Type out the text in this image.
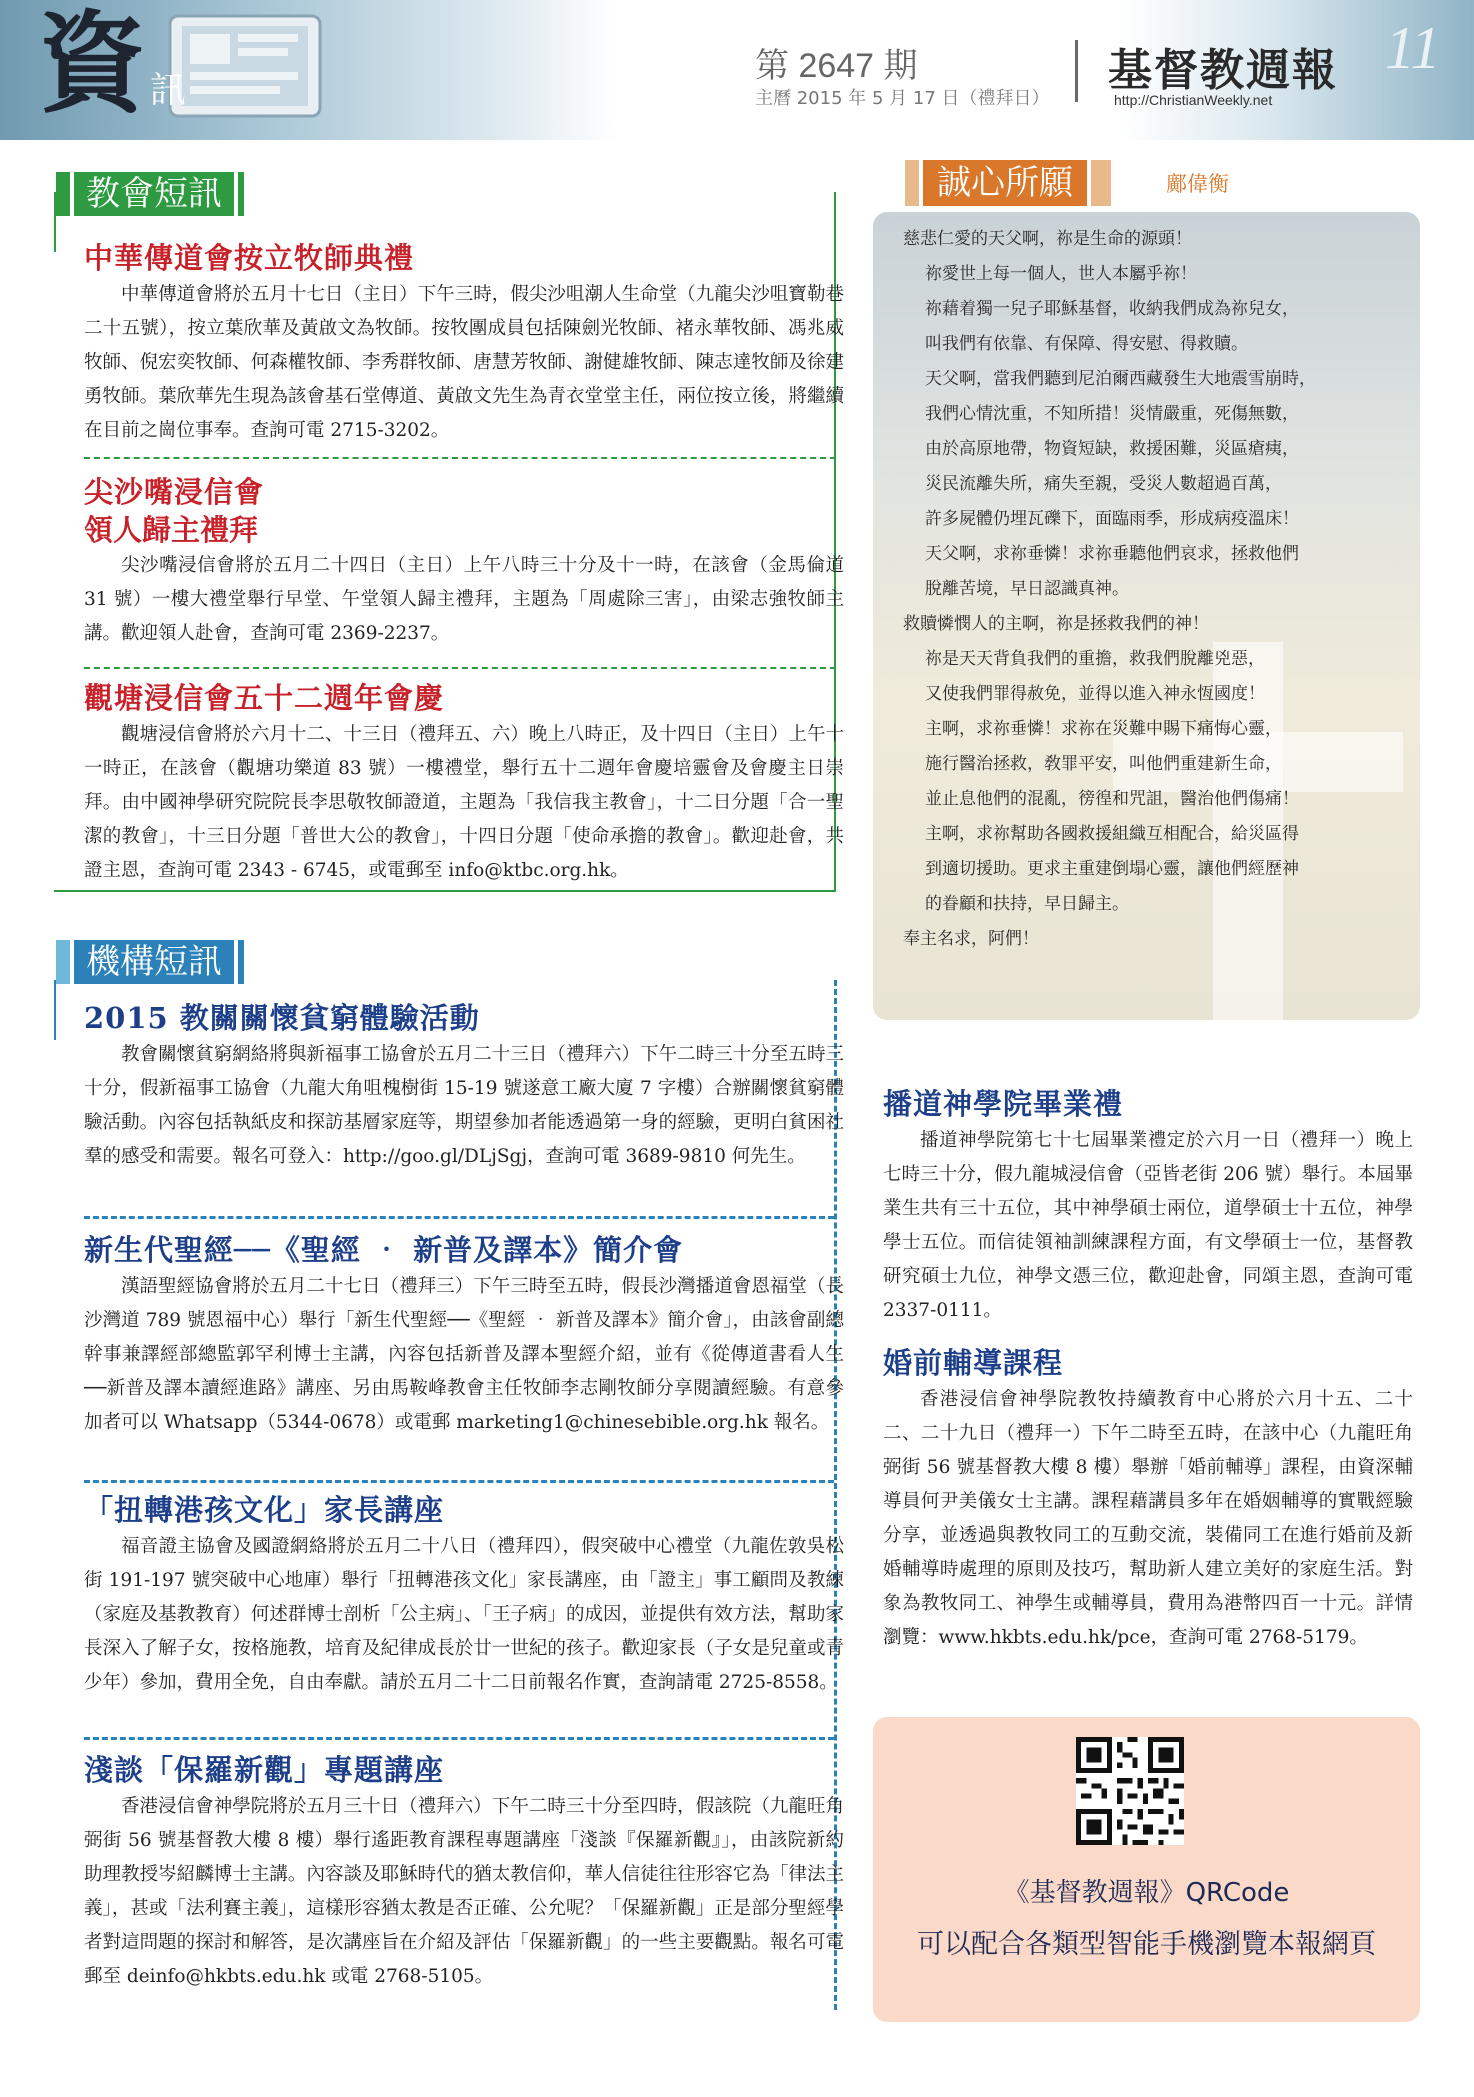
資 訊
第 2647 期
主曆 2015 年 5 月 17 日（禮拜日）
基督教週報
http://ChristianWeekly.net
11
教會短訊
中華傳道會按立牧師典禮

中華傳道會將於五月十七日（主日）下午三時，假尖沙咀潮人生命堂（九龍尖沙咀寶勒巷二十五號），按立葉欣華及黃啟文為牧師。按牧團成員包括陳劍光牧師、褚永華牧師、馮兆威牧師、倪宏奕牧師、何森權牧師、李秀群牧師、唐慧芳牧師、謝健雄牧師、陳志達牧師及徐建勇牧師。葉欣華先生現為該會基石堂傳道、黃啟文先生為青衣堂堂主任，兩位按立後，將繼續在目前之崗位事奉。查詢可電 2715-3202。

尖沙嘴浸信會
領人歸主禮拜

尖沙嘴浸信會將於五月二十四日（主日）上午八時三十分及十一時，在該會（金馬倫道 31 號）一樓大禮堂舉行早堂、午堂領人歸主禮拜，主題為「周處除三害」，由梁志強牧師主講。歡迎領人赴會，查詢可電 2369-2237。

觀塘浸信會五十二週年會慶

觀塘浸信會將於六月十二、十三日（禮拜五、六）晚上八時正，及十四日（主日）上午十一時正，在該會（觀塘功樂道 83 號）一樓禮堂，舉行五十二週年會慶培靈會及會慶主日崇拜。由中國神學研究院院長李思敬牧師證道，主題為「我信我主教會」，十二日分題「合一聖潔的教會」，十三日分題「普世大公的教會」，十四日分題「使命承擔的教會」。歡迎赴會，共證主恩，查詢可電 2343 - 6745，或電郵至 info@ktbc.org.hk。

機構短訊
2015 教關關懷貧窮體驗活動

教會關懷貧窮網絡將與新福事工協會於五月二十三日（禮拜六）下午二時三十分至五時三十分，假新福事工協會（九龍大角咀槐樹街 15-19 號遂意工廠大廈 7 字樓）合辦關懷貧窮體驗活動。內容包括執紙皮和探訪基層家庭等，期望參加者能透過第一身的經驗，更明白貧困社羣的感受和需要。報名可登入：http://goo.gl/DLjSgj，查詢可電 3689-9810 何先生。

新生代聖經──《聖經 ‧ 新普及譯本》簡介會

漢語聖經協會將於五月二十七日（禮拜三）下午三時至五時，假長沙灣播道會恩福堂（長沙灣道 789 號恩福中心）舉行「新生代聖經──《聖經 ‧ 新普及譯本》簡介會」，由該會副總幹事兼譯經部總監郭罕利博士主講，內容包括新普及譯本聖經介紹，並有《從傳道書看人生──新普及譯本讀經進路》講座、另由馬鞍峰教會主任牧師李志剛牧師分享閱讀經驗。有意參加者可以 Whatsapp（5344-0678）或電郵 marketing1@chinesebible.org.hk 報名。

「扭轉港孩文化」家長講座

福音證主協會及國證網絡將於五月二十八日（禮拜四），假突破中心禮堂（九龍佐敦吳松街 191-197 號突破中心地庫）舉行「扭轉港孩文化」家長講座，由「證主」事工顧問及教練（家庭及基教教育）何述群博士剖析「公主病」、「王子病」的成因，並提供有效方法，幫助家長深入了解子女，按格施教，培育及紀律成長於廿一世紀的孩子。歡迎家長（子女是兒童或青少年）參加，費用全免，自由奉獻。請於五月二十二日前報名作實，查詢請電 2725-8558。

淺談「保羅新觀」專題講座

香港浸信會神學院將於五月三十日（禮拜六）下午二時三十分至四時，假該院（九龍旺角弼街 56 號基督教大樓 8 樓）舉行遙距教育課程專題講座「淺談『保羅新觀』」，由該院新約助理教授岑紹麟博士主講。內容談及耶穌時代的猶太教信仰，華人信徒往往形容它為「律法主義」，甚或「法利賽主義」，這樣形容猶太教是否正確、公允呢？「保羅新觀」正是部分聖經學者對這問題的探討和解答，是次講座旨在介紹及評估「保羅新觀」的一些主要觀點。報名可電郵至 deinfo@hkbts.edu.hk 或電 2768-5105。

誠心所願	鄺偉衡
慈悲仁愛的天父啊，祢是生命的源頭！
祢愛世上每一個人，世人本屬乎祢！
祢藉着獨一兒子耶穌基督，收納我們成為祢兒女，
叫我們有依靠、有保障、得安慰、得救贖。
天父啊，當我們聽到尼泊爾西藏發生大地震雪崩時，
我們心情沈重，不知所措！災情嚴重，死傷無數，
由於高原地帶，物資短缺，救援困難，災區瘡痍，
災民流離失所，痛失至親，受災人數超過百萬，
許多屍體仍埋瓦礫下，面臨雨季，形成病疫溫床！
天父啊，求祢垂憐！求祢垂聽他們哀求，拯救他們
脫離苦境，早日認識真神。
救贖憐憫人的主啊，祢是拯救我們的神！
祢是天天背負我們的重擔，救我們脫離兇惡，
又使我們罪得赦免，並得以進入神永恆國度！
主啊，求祢垂憐！求祢在災難中賜下痛悔心靈，
施行醫治拯救，敎罪平安，叫他們重建新生命，
並止息他們的混亂，徬徨和咒詛，醫治他們傷痛！
主啊，求祢幫助各國救援組織互相配合，給災區得
到適切援助。更求主重建倒塌心靈，讓他們經歷神
的眷顧和扶持，早日歸主。
奉主名求，阿們！
播道神學院畢業禮

播道神學院第七十七屆畢業禮定於六月一日（禮拜一）晚上七時三十分，假九龍城浸信會（亞皆老街 206 號）舉行。本屆畢業生共有三十五位，其中神學碩士兩位，道學碩士十五位，神學學士五位。而信徒領袖訓練課程方面，有文學碩士一位，基督教研究碩士九位，神學文憑三位，歡迎赴會，同頌主恩，查詢可電 2337-0111。

婚前輔導課程

香港浸信會神學院教牧持續教育中心將於六月十五、二十二、二十九日（禮拜一）下午二時至五時，在該中心（九龍旺角弼街 56 號基督教大樓 8 樓）舉辦「婚前輔導」課程，由資深輔導員何尹美儀女士主講。課程藉講員多年在婚姻輔導的實戰經驗分享，並透過與教牧同工的互動交流，裝備同工在進行婚前及新婚輔導時處理的原則及技巧，幫助新人建立美好的家庭生活。對象為教牧同工、神學生或輔導員，費用為港幣四百一十元。詳情瀏覽：www.hkbts.edu.hk/pce，查詢可電 2768-5179。

《基督教週報》QRCode
可以配合各類型智能手機瀏覽本報網頁
